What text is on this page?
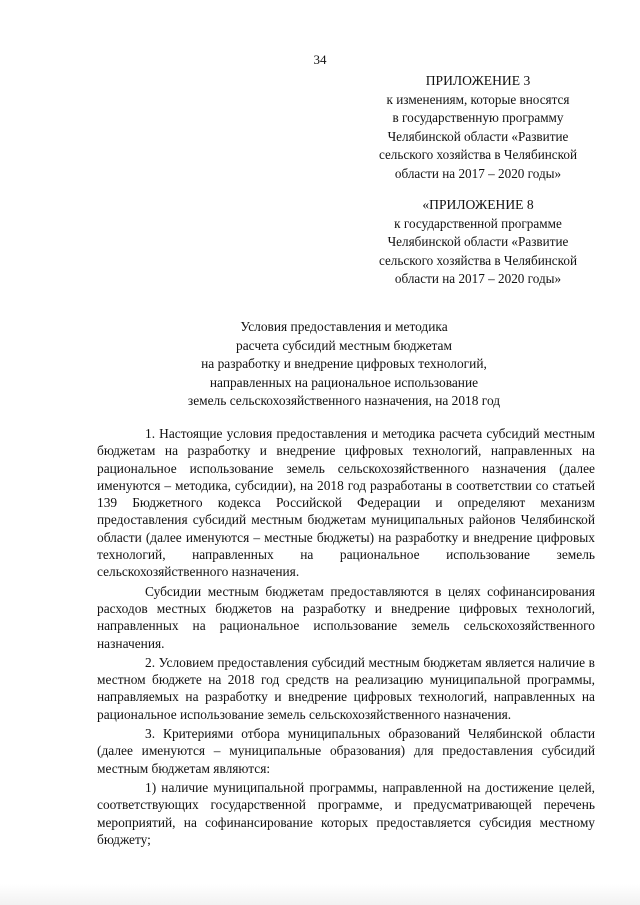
34
ПРИЛОЖЕНИЕ 3
к изменениям, которые вносятся
в государственную программу
Челябинской области «Развитие
сельского хозяйства в Челябинской
области на 2017 – 2020 годы»
«ПРИЛОЖЕНИЕ 8
к государственной программе
Челябинской области «Развитие
сельского хозяйства в Челябинской
области на 2017 – 2020 годы»
Условия предоставления и методика
расчета субсидий местным бюджетам
на разработку и внедрение цифровых технологий,
направленных на рациональное использование
земель сельскохозяйственного назначения, на 2018 год

1. Настоящие условия предоставления и методика расчета субсидий местным бюджетам на разработку и внедрение цифровых технологий, направленных на рациональное использование земель сельскохозяйственного назначения (далее именуются – методика, субсидии), на 2018 год разработаны в соответствии со статьей 139 Бюджетного кодекса Российской Федерации и определяют механизм предоставления субсидий местным бюджетам муниципальных районов Челябинской области (далее именуются – местные бюджеты) на разработку и внедрение цифровых технологий, направленных на рациональное использование земель сельскохозяйственного назначения.

Субсидии местным бюджетам предоставляются в целях софинансирования расходов местных бюджетов на разработку и внедрение цифровых технологий, направленных на рациональное использование земель сельскохозяйственного назначения.

2. Условием предоставления субсидий местным бюджетам является наличие в местном бюджете на 2018 год средств на реализацию муниципальной программы, направляемых на разработку и внедрение цифровых технологий, направленных на рациональное использование земель сельскохозяйственного назначения.

3. Критериями отбора муниципальных образований Челябинской области (далее именуются – муниципальные образования) для предоставления субсидий местным бюджетам являются:

1) наличие муниципальной программы, направленной на достижение целей, соответствующих государственной программе, и предусматривающей перечень мероприятий, на софинансирование которых предоставляется субсидия местному бюджету;
